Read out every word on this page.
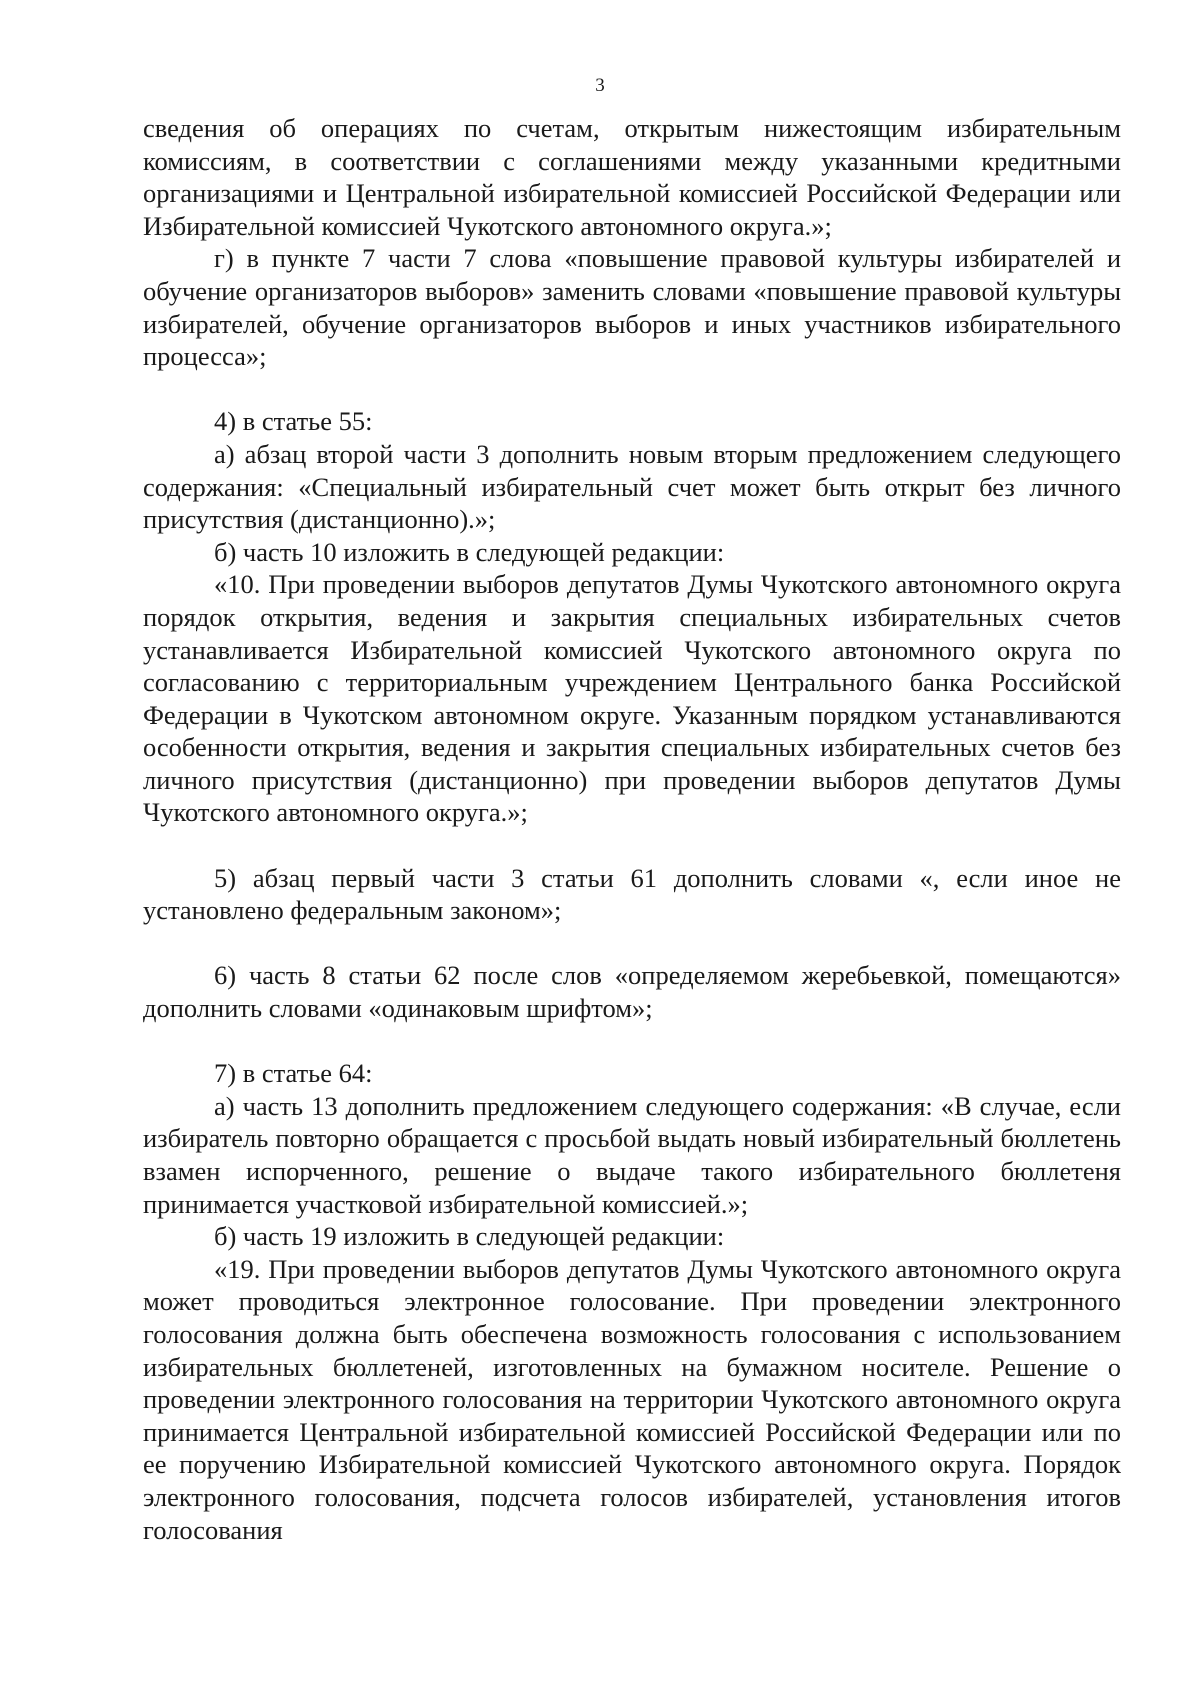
3

сведения об операциях по счетам, открытым нижестоящим избирательным комиссиям, в соответствии с соглашениями между указанными кредитными организациями и Центральной избирательной комиссией Российской Федерации или Избирательной комиссией Чукотского автономного округа.»;

г) в пункте 7 части 7 слова «повышение правовой культуры избирателей и обучение организаторов выборов» заменить словами «повышение правовой культуры избирателей, обучение организаторов выборов и иных участников избирательного процесса»;

4) в статье 55:

а) абзац второй части 3 дополнить новым вторым предложением следующего содержания: «Специальный избирательный счет может быть открыт без личного присутствия (дистанционно).»;

б) часть 10 изложить в следующей редакции:

«10. При проведении выборов депутатов Думы Чукотского автономного округа порядок открытия, ведения и закрытия специальных избирательных счетов устанавливается Избирательной комиссией Чукотского автономного округа по согласованию с территориальным учреждением Центрального банка Российской Федерации в Чукотском автономном округе. Указанным порядком устанавливаются особенности открытия, ведения и закрытия специальных избирательных счетов без личного присутствия (дистанционно) при проведении выборов депутатов Думы Чукотского автономного округа.»;

5) абзац первый части 3 статьи 61 дополнить словами «, если иное не установлено федеральным законом»;

6) часть 8 статьи 62 после слов «определяемом жеребьевкой, помещаются» дополнить словами «одинаковым шрифтом»;

7) в статье 64:

а) часть 13 дополнить предложением следующего содержания: «В случае, если избиратель повторно обращается с просьбой выдать новый избирательный бюллетень взамен испорченного, решение о выдаче такого избирательного бюллетеня принимается участковой избирательной комиссией.»;

б) часть 19 изложить в следующей редакции:

«19. При проведении выборов депутатов Думы Чукотского автономного округа может проводиться электронное голосование. При проведении электронного голосования должна быть обеспечена возможность голосования с использованием избирательных бюллетеней, изготовленных на бумажном носителе. Решение о проведении электронного голосования на территории Чукотского автономного округа принимается Центральной избирательной комиссией Российской Федерации или по ее поручению Избирательной комиссией Чукотского автономного округа. Порядок электронного голосования, подсчета голосов избирателей, установления итогов голосования
